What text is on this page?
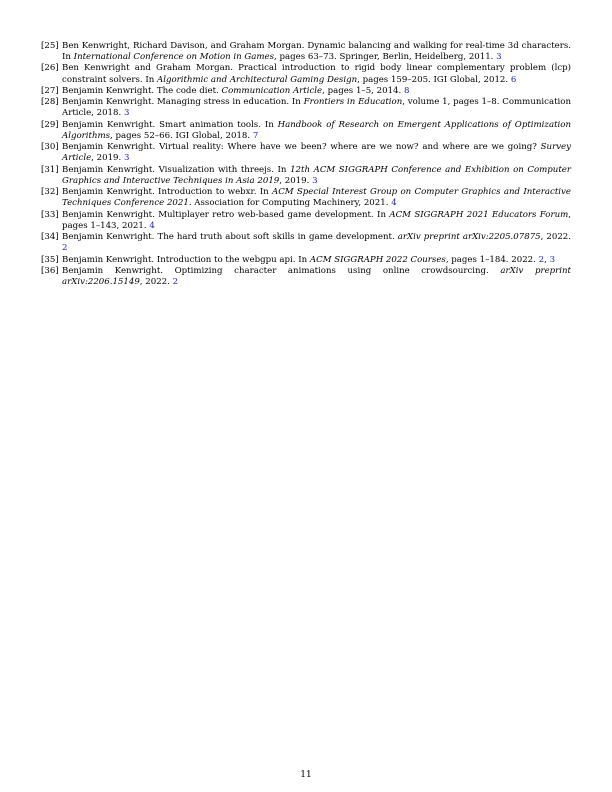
[25] Ben Kenwright, Richard Davison, and Graham Morgan. Dynamic balancing and walking for real-time 3d characters. In International Conference on Motion in Games, pages 63–73. Springer, Berlin, Heidelberg, 2011. 3
[26] Ben Kenwright and Graham Morgan. Practical introduction to rigid body linear complementary problem (lcp) constraint solvers. In Algorithmic and Architectural Gaming Design, pages 159–205. IGI Global, 2012. 6
[27] Benjamin Kenwright. The code diet. Communication Article, pages 1–5, 2014. 8
[28] Benjamin Kenwright. Managing stress in education. In Frontiers in Education, volume 1, pages 1–8. Communication Article, 2018. 3
[29] Benjamin Kenwright. Smart animation tools. In Handbook of Research on Emergent Applications of Optimization Algorithms, pages 52–66. IGI Global, 2018. 7
[30] Benjamin Kenwright. Virtual reality: Where have we been? where are we now? and where are we going? Survey Article, 2019. 3
[31] Benjamin Kenwright. Visualization with threejs. In 12th ACM SIGGRAPH Conference and Exhibition on Computer Graphics and Interactive Techniques in Asia 2019, 2019. 3
[32] Benjamin Kenwright. Introduction to webxr. In ACM Special Interest Group on Computer Graphics and Interactive Techniques Conference 2021. Association for Computing Machinery, 2021. 4
[33] Benjamin Kenwright. Multiplayer retro web-based game development. In ACM SIGGRAPH 2021 Educators Forum, pages 1–143, 2021. 4
[34] Benjamin Kenwright. The hard truth about soft skills in game development. arXiv preprint arXiv:2205.07875, 2022. 2
[35] Benjamin Kenwright. Introduction to the webgpu api. In ACM SIGGRAPH 2022 Courses, pages 1–184. 2022. 2, 3
[36] Benjamin Kenwright. Optimizing character animations using online crowdsourcing. arXiv preprint arXiv:2206.15149, 2022. 2
11
